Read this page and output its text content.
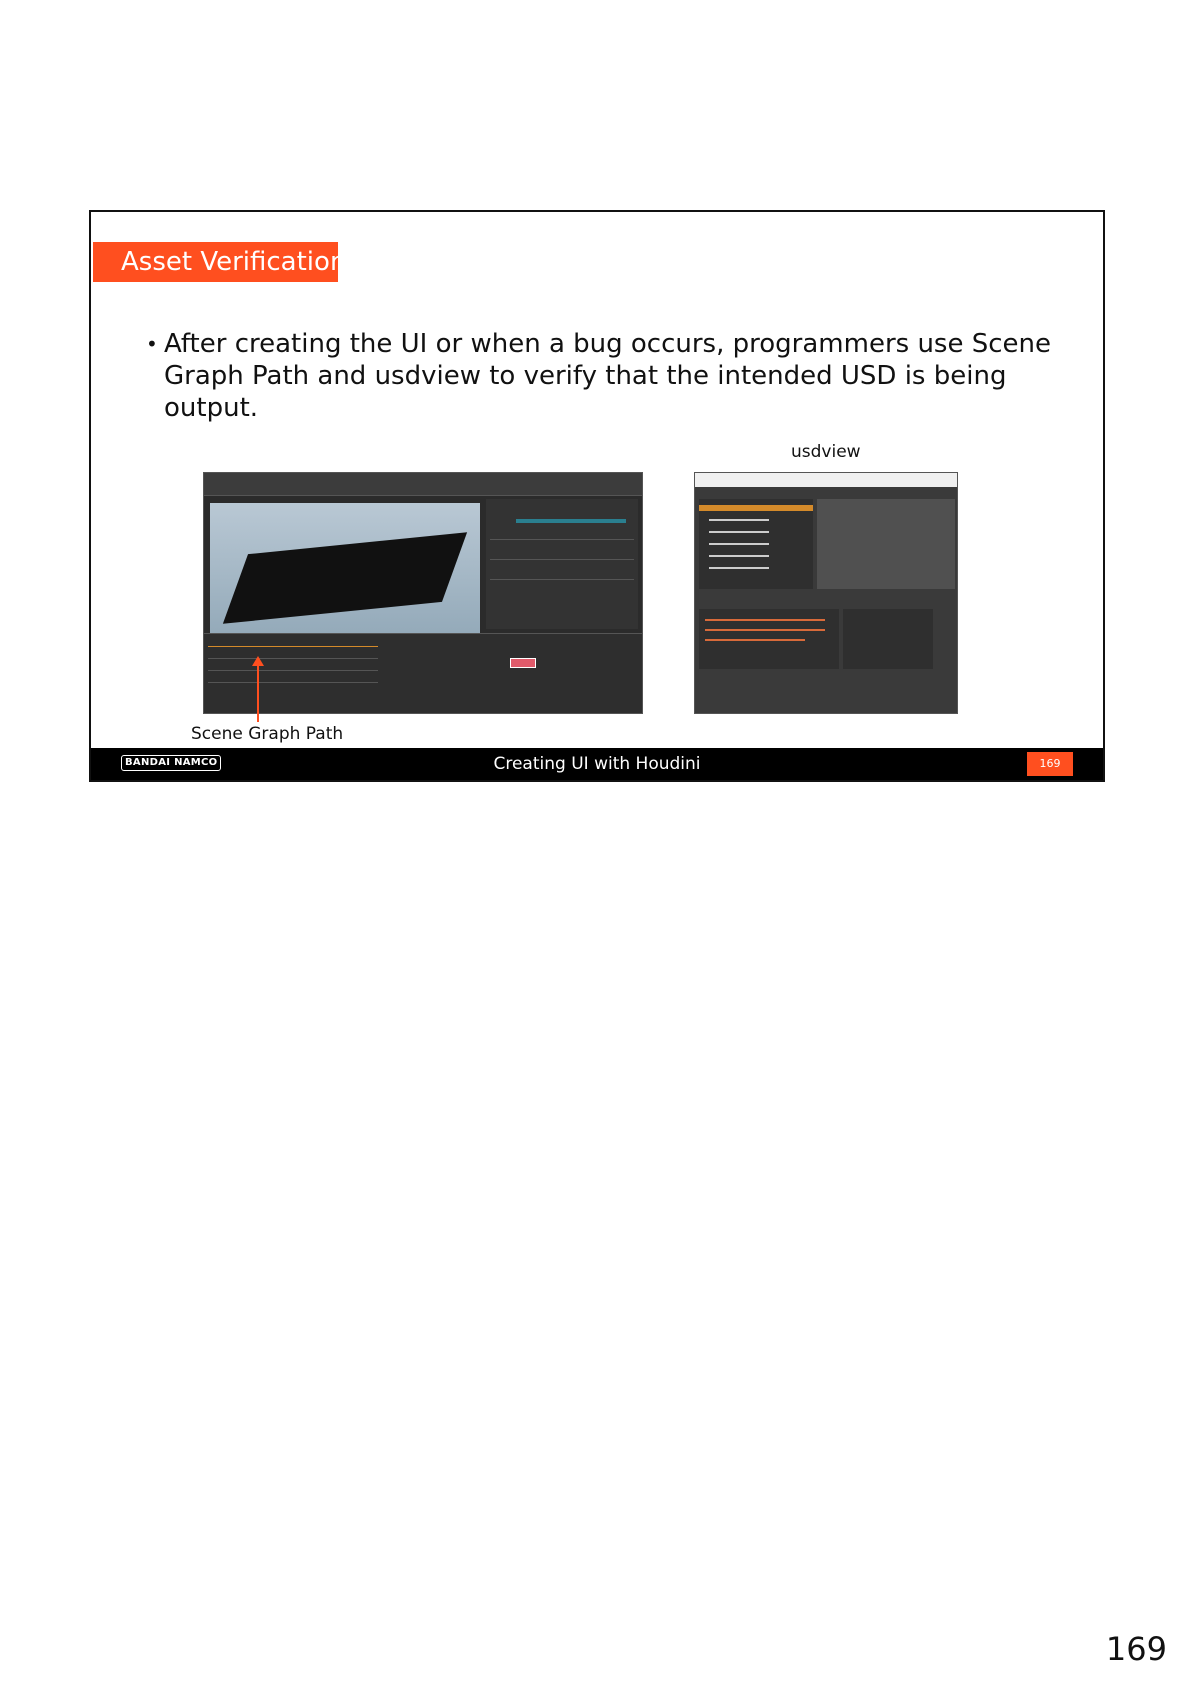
Asset Verification
• After creating the UI or when a bug occurs, programmers use Scene Graph Path and usdview to verify that the intended USD is being output.
usdview
Scene Graph Path
BANDAI NAMCO	Creating UI with Houdini	169
169
